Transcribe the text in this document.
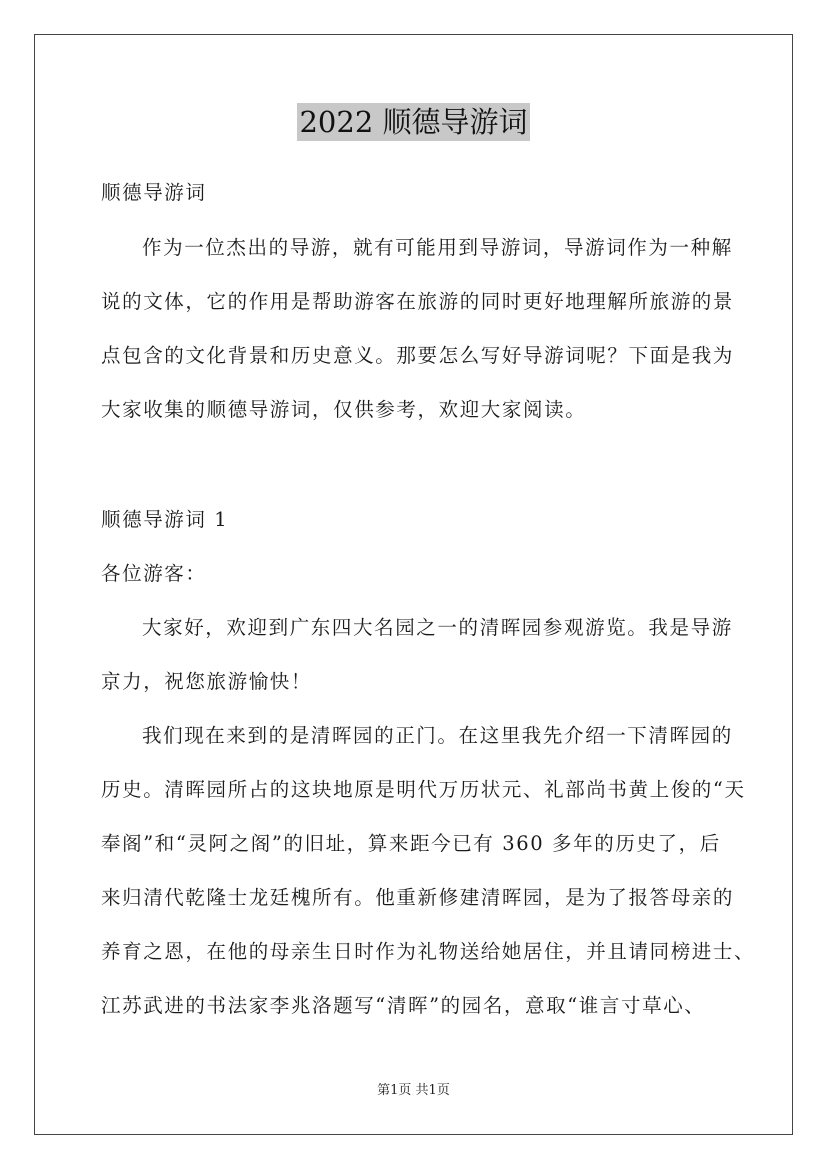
2022 顺德导游词
顺德导游词
作为一位杰出的导游，就有可能用到导游词，导游词作为一种解
说的文体，它的作用是帮助游客在旅游的同时更好地理解所旅游的景
点包含的文化背景和历史意义。那要怎么写好导游词呢？下面是我为
大家收集的顺德导游词，仅供参考，欢迎大家阅读。
顺德导游词 1
各位游客：
大家好，欢迎到广东四大名园之一的清晖园参观游览。我是导游
京力，祝您旅游愉快！
我们现在来到的是清晖园的正门。在这里我先介绍一下清晖园的
历史。清晖园所占的这块地原是明代万历状元、礼部尚书黄上俊的“天
奉阁”和“灵阿之阁”的旧址，算来距今已有 360 多年的历史了，后
来归清代乾隆士龙廷槐所有。他重新修建清晖园，是为了报答母亲的
养育之恩，在他的母亲生日时作为礼物送给她居住，并且请同榜进士、
江苏武进的书法家李兆洛题写“清晖”的园名，意取“谁言寸草心、
第1页 共1页
